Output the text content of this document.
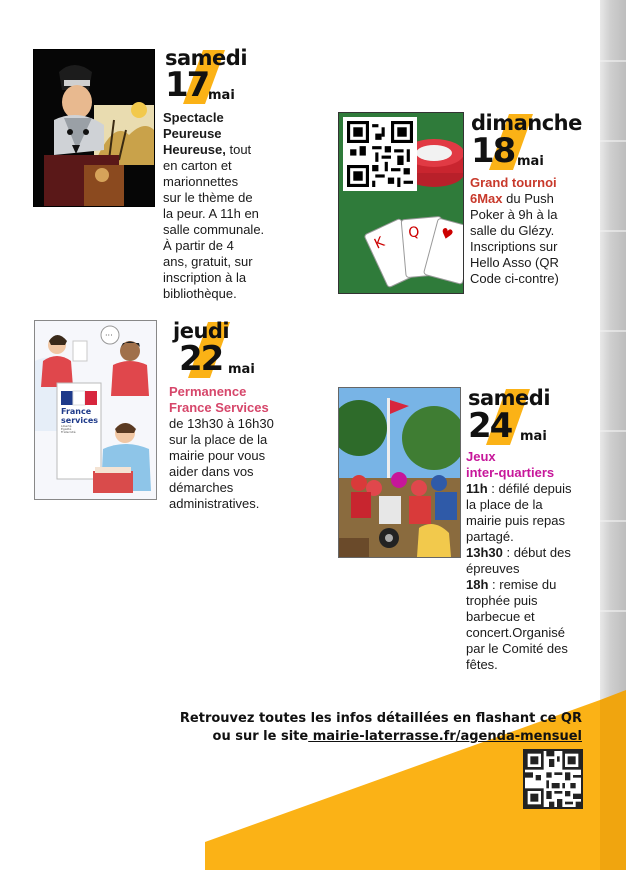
samedi
17 mai
Spectacle
Peureuse
Heureuse, tout
en carton et
marionnettes
sur le thème de
la peur. A 11h en
salle communale.
À partir de 4
ans, gratuit, sur
inscription à la
bibliothèque.
K
Q ♥
dimanche
18 mai
Grand tournoi
6Max du Push
Poker à 9h à la
salle du Glézy.
Inscriptions sur
Hello Asso (QR
Code ci-contre)
···
France
services
Liberté
Égalité
Fraternité
jeudi
22 mai
Permanence
France Services
de 13h30 à 16h30
sur la place de la
mairie pour vous
aider dans vos
démarches
administratives.
samedi
24 mai
Jeux
inter-quartiers
11h : défilé depuis
la place de la
mairie puis repas
partagé.
13h30 : début des
épreuves
18h : remise du
trophée puis
barbecue et
concert.Organisé
par le Comité des
fêtes.
Retrouvez toutes les infos détaillées en flashant ce QR
ou sur le site mairie-laterrasse.fr/agenda-mensuel
